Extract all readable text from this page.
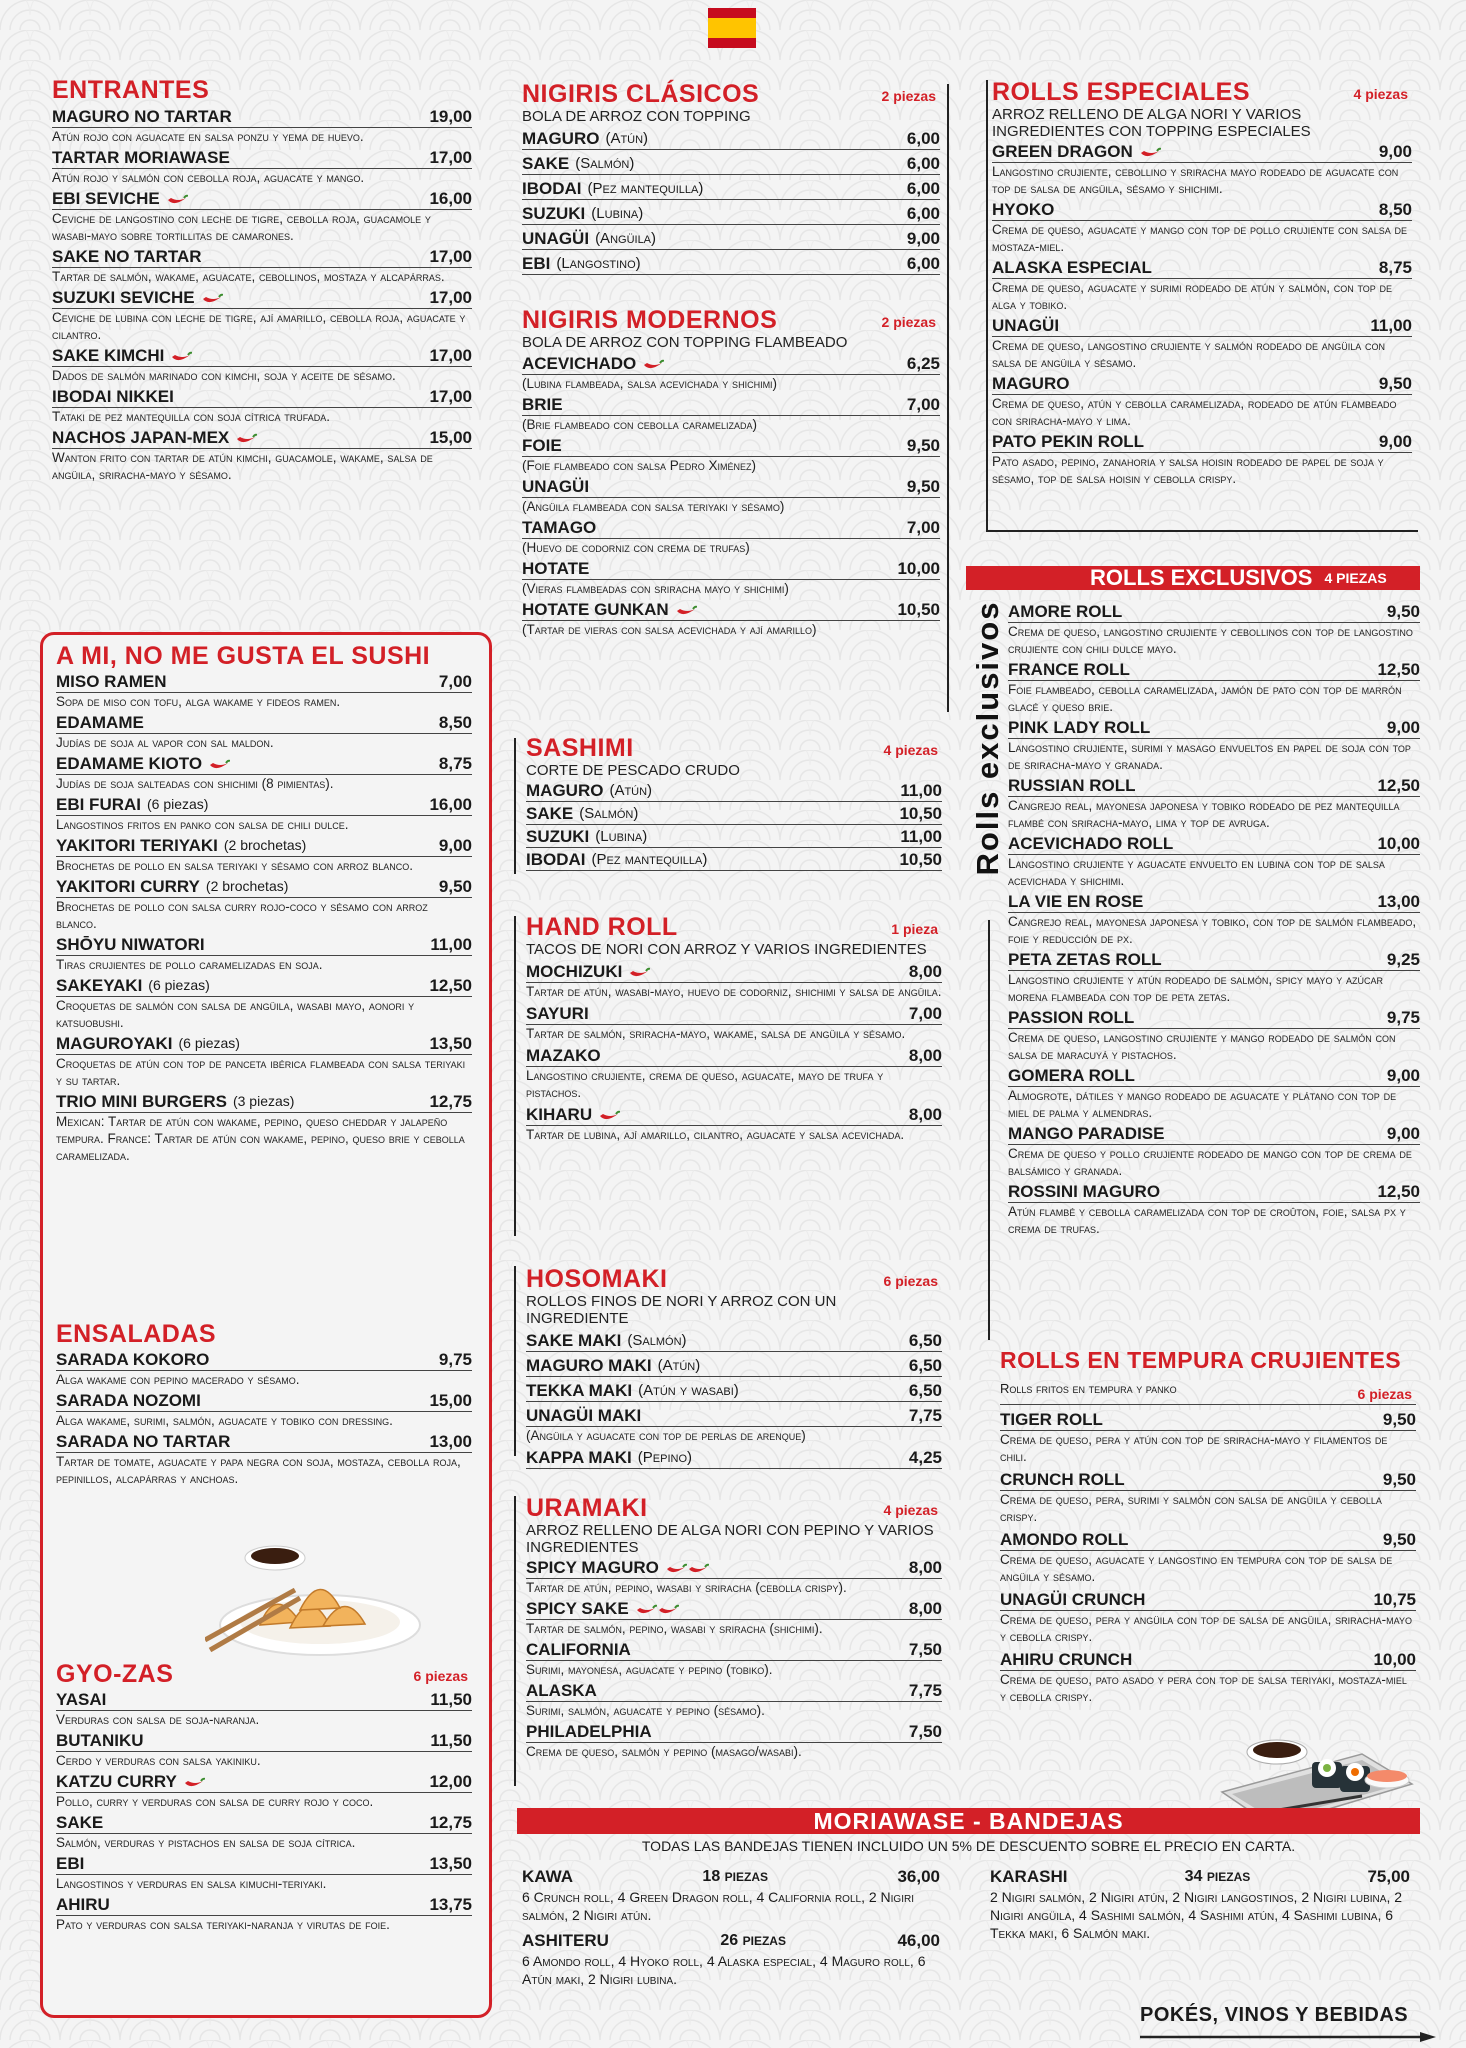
ENTRANTES
MAGURO NO TARTAR	19,00
Atún rojo con aguacate en salsa ponzu y yema de huevo.
TARTAR MORIAWASE	17,00
Atún rojo y salmón con cebolla roja, aguacate y mango.
EBI SEVICHE	16,00
Ceviche de langostino con leche de tigre, cebolla roja, guacamole y wasabi-mayo sobre tortillitas de camarones.
SAKE NO TARTAR	17,00
Tartar de salmón, wakame, aguacate, cebollinos, mostaza y alcapárras.
SUZUKI SEVICHE	17,00
Ceviche de lubina con leche de tigre, ají amarillo, cebolla roja, aguacate y cilantro.
SAKE KIMCHI	17,00
Dados de salmón marinado con kimchi, soja y aceite de sésamo.
IBODAI NIKKEI	17,00
Tataki de pez mantequilla con soja cítrica trufada.
NACHOS JAPAN-MEX	15,00
Wanton frito con tartar de atún kimchi, guacamole, wakame, salsa de angüila, sriracha-mayo y sésamo.
A MI, NO ME GUSTA EL SUSHI
MISO RAMEN	7,00
Sopa de miso con tofu, alga wakame y fideos ramen.
EDAMAME	8,50
Judías de soja al vapor con sal maldon.
EDAMAME KIOTO	8,75
Judías de soja salteadas con shichimi (8 pimientas).
EBI FURAI (6 piezas)	16,00
Langostinos fritos en panko con salsa de chili dulce.
YAKITORI TERIYAKI (2 brochetas)	9,00
Brochetas de pollo en salsa teriyaki y sésamo con arroz blanco.
YAKITORI CURRY (2 brochetas)	9,50
Brochetas de pollo con salsa curry rojo-coco y sésamo con arroz blanco.
SHŌYU NIWATORI	11,00
Tiras crujientes de pollo caramelizadas en soja.
SAKEYAKI (6 piezas)	12,50
Croquetas de salmón con salsa de angüila, wasabi mayo, aonori y katsuobushi.
MAGUROYAKI (6 piezas)	13,50
Croquetas de atún con top de panceta ibérica flambeada con salsa teriyaki y su tartar.
TRIO MINI BURGERS (3 piezas)	12,75
Mexican: Tartar de atún con wakame, pepino, queso cheddar y jalapeño tempura. France: Tartar de atún con wakame, pepino, queso brie y cebolla caramelizada.
ENSALADAS
SARADA KOKORO	9,75
Alga wakame con pepino macerado y sésamo.
SARADA NOZOMI	15,00
Alga wakame, surimi, salmón, aguacate y tobiko con dressing.
SARADA NO TARTAR	13,00
Tartar de tomate, aguacate y papa negra con soja, mostaza, cebolla roja, pepinillos, alcapárras y anchoas.
GYO-ZAS	6 piezas
YASAI	11,50
Verduras con salsa de soja-naranja.
BUTANIKU	11,50
Cerdo y verduras con salsa yakiniku.
KATZU CURRY	12,00
Pollo, curry y verduras con salsa de curry rojo y coco.
SAKE	12,75
Salmón, verduras y pistachos en salsa de soja cítrica.
EBI	13,50
Langostinos y verduras en salsa kimuchi-teriyaki.
AHIRU	13,75
Pato y verduras con salsa teriyaki-naranja y virutas de foie.
NIGIRIS CLÁSICOS	2 piezas
BOLA DE ARROZ CON TOPPING
MAGURO (Atún)	6,00
SAKE (Salmón)	6,00
IBODAI (Pez mantequilla)	6,00
SUZUKI (Lubina)	6,00
UNAGÜI (Angüila)	9,00
EBI (Langostino)	6,00
NIGIRIS MODERNOS	2 piezas
BOLA DE ARROZ CON TOPPING FLAMBEADO
ACEVICHADO	6,25
(Lubina flambeada, salsa acevichada y shichimi)
BRIE	7,00
(Brie flambeado con cebolla caramelizada)
FOIE	9,50
(Foie flambeado con salsa Pedro Ximénez)
UNAGÜI	9,50
(Angüila flambeada con salsa teriyaki y sésamo)
TAMAGO	7,00
(Huevo de codorniz con crema de trufas)
HOTATE	10,00
(Vieras flambeadas con sriracha mayo y shichimi)
HOTATE GUNKAN	10,50
(Tartar de vieras con salsa acevichada y ají amarillo)
SASHIMI	4 piezas
CORTE DE PESCADO CRUDO
MAGURO (Atún)	11,00
SAKE (Salmón)	10,50
SUZUKI (Lubina)	11,00
IBODAI (Pez mantequilla)	10,50
HAND ROLL	1 pieza
TACOS DE NORI CON ARROZ Y VARIOS INGREDIENTES
MOCHIZUKI	8,00
Tartar de atún, wasabi-mayo, huevo de codorniz, shichimi y salsa de angüila.
SAYURI	7,00
Tartar de salmón, sriracha-mayo, wakame, salsa de angüila y sésamo.
MAZAKO	8,00
Langostino crujiente, crema de queso, aguacate, mayo de trufa y pistachos.
KIHARU	8,00
Tartar de lubina, ají amarillo, cilantro, aguacate y salsa acevichada.
HOSOMAKI	6 piezas
ROLLOS FINOS DE NORI Y ARROZ CON UN INGREDIENTE
SAKE MAKI (Salmón)	6,50
MAGURO MAKI (Atún)	6,50
TEKKA MAKI (Atún y wasabi)	6,50
UNAGÜI MAKI	7,75
(Angüila y aguacate con top de perlas de arenque)
KAPPA MAKI (Pepino)	4,25
URAMAKI	4 piezas
ARROZ RELLENO DE ALGA NORI CON PEPINO Y VARIOS INGREDIENTES
SPICY MAGURO	8,00
Tartar de atún, pepino, wasabi y sriracha (cebolla crispy).
SPICY SAKE	8,00
Tartar de salmón, pepino, wasabi y sriracha (shichimi).
CALIFORNIA	7,50
Surimi, mayonesa, aguacate y pepino (tobiko).
ALASKA	7,75
Surimi, salmón, aguacate y pepino (sésamo).
PHILADELPHIA	7,50
Crema de queso, salmón y pepino (masago/wasabi).
ROLLS ESPECIALES	4 piezas
ARROZ RELLENO DE ALGA NORI Y VARIOS INGREDIENTES CON TOPPING ESPECIALES
GREEN DRAGON	9,00
Langostino crujiente, cebollino y sriracha mayo rodeado de aguacate con top de salsa de angüila, sésamo y shichimi.
HYOKO	8,50
Crema de queso, aguacate y mango con top de pollo crujiente con salsa de mostaza-miel.
ALASKA ESPECIAL	8,75
Crema de queso, aguacate y surimi rodeado de atún y salmón, con top de alga y tobiko.
UNAGÜI	11,00
Crema de queso, langostino crujiente y salmón rodeado de angüila con salsa de angüila y sésamo.
MAGURO	9,50
Crema de queso, atún y cebolla caramelizada, rodeado de atún flambeado con sriracha-mayo y lima.
PATO PEKIN ROLL	9,00
Pato asado, pepino, zanahoria y salsa hoisin rodeado de papel de soja y sésamo, top de salsa hoisin y cebolla crispy.
ROLLS EXCLUSIVOS 4 PIEZAS
Rolls exclusivos AMORE ROLL	9,50
Crema de queso, langostino crujiente y cebollinos con top de langostino crujiente con chili dulce mayo.
FRANCE ROLL	12,50
Foie flambeado, cebolla caramelizada, jamón de pato con top de marrón glacé y queso brie.
PINK LADY ROLL	9,00
Langostino crujiente, surimi y masago envueltos en papel de soja con top de sriracha-mayo y granada.
RUSSIAN ROLL	12,50
Cangrejo real, mayonesa japonesa y tobiko rodeado de pez mantequilla flambé con sriracha-mayo, lima y top de avruga.
ACEVICHADO ROLL	10,00
Langostino crujiente y aguacate envuelto en lubina con top de salsa acevichada y shichimi.
LA VIE EN ROSE	13,00
Cangrejo real, mayonesa japonesa y tobiko, con top de salmón flambeado, foie y reducción de px.
PETA ZETAS ROLL	9,25
Langostino crujiente y atún rodeado de salmón, spicy mayo y azúcar morena flambeada con top de peta zetas.
PASSION ROLL	9,75
Crema de queso, langostino crujiente y mango rodeado de salmón con salsa de maracuyá y pistachos.
GOMERA ROLL	9,00
Almogrote, dátiles y mango rodeado de aguacate y plátano con top de miel de palma y almendras.
MANGO PARADISE	9,00
Crema de queso y pollo crujiente rodeado de mango con top de crema de balsámico y granada.
ROSSINI MAGURO	12,50
Atún flambé y cebolla caramelizada con top de croûton, foie, salsa px y crema de trufas.
ROLLS EN TEMPURA CRUJIENTES
Rolls fritos en tempura y panko	6 piezas
TIGER ROLL	9,50
Crema de queso, pera y atún con top de sriracha-mayo y filamentos de chili.
CRUNCH ROLL	9,50
Crema de queso, pera, surimi y salmón con salsa de angüila y cebolla crispy.
AMONDO ROLL	9,50
Crema de queso, aguacate y langostino en tempura con top de salsa de angüila y sésamo.
UNAGÜI CRUNCH	10,75
Crema de queso, pera y angüila con top de salsa de angüila, sriracha-mayo y cebolla crispy.
AHIRU CRUNCH	10,00
Crema de queso, pato asado y pera con top de salsa teriyaki, mostaza-miel y cebolla crispy.
MORIAWASE - BANDEJAS
TODAS LAS BANDEJAS TIENEN INCLUIDO UN 5% DE DESCUENTO SOBRE EL PRECIO EN CARTA.
KAWA	18 PIEZAS	36,00
6 Crunch roll, 4 Green Dragon roll, 4 California roll, 2 Nigiri salmón, 2 Nigiri atún.
ASHITERU	26 PIEZAS	46,00
6 Amondo roll, 4 Hyoko roll, 4 Alaska especial, 4 Maguro roll, 6 Atún maki, 2 Nigiri lubina.
KARASHI	34 PIEZAS	75,00
2 Nigiri salmón, 2 Nigiri atún, 2 Nigiri langostinos, 2 Nigiri lubina, 2 Nigiri angüila, 4 Sashimi salmón, 4 Sashimi atún, 4 Sashimi lubina, 6 Tekka maki, 6 Salmón maki.
POKÉS, VINOS Y BEBIDAS
